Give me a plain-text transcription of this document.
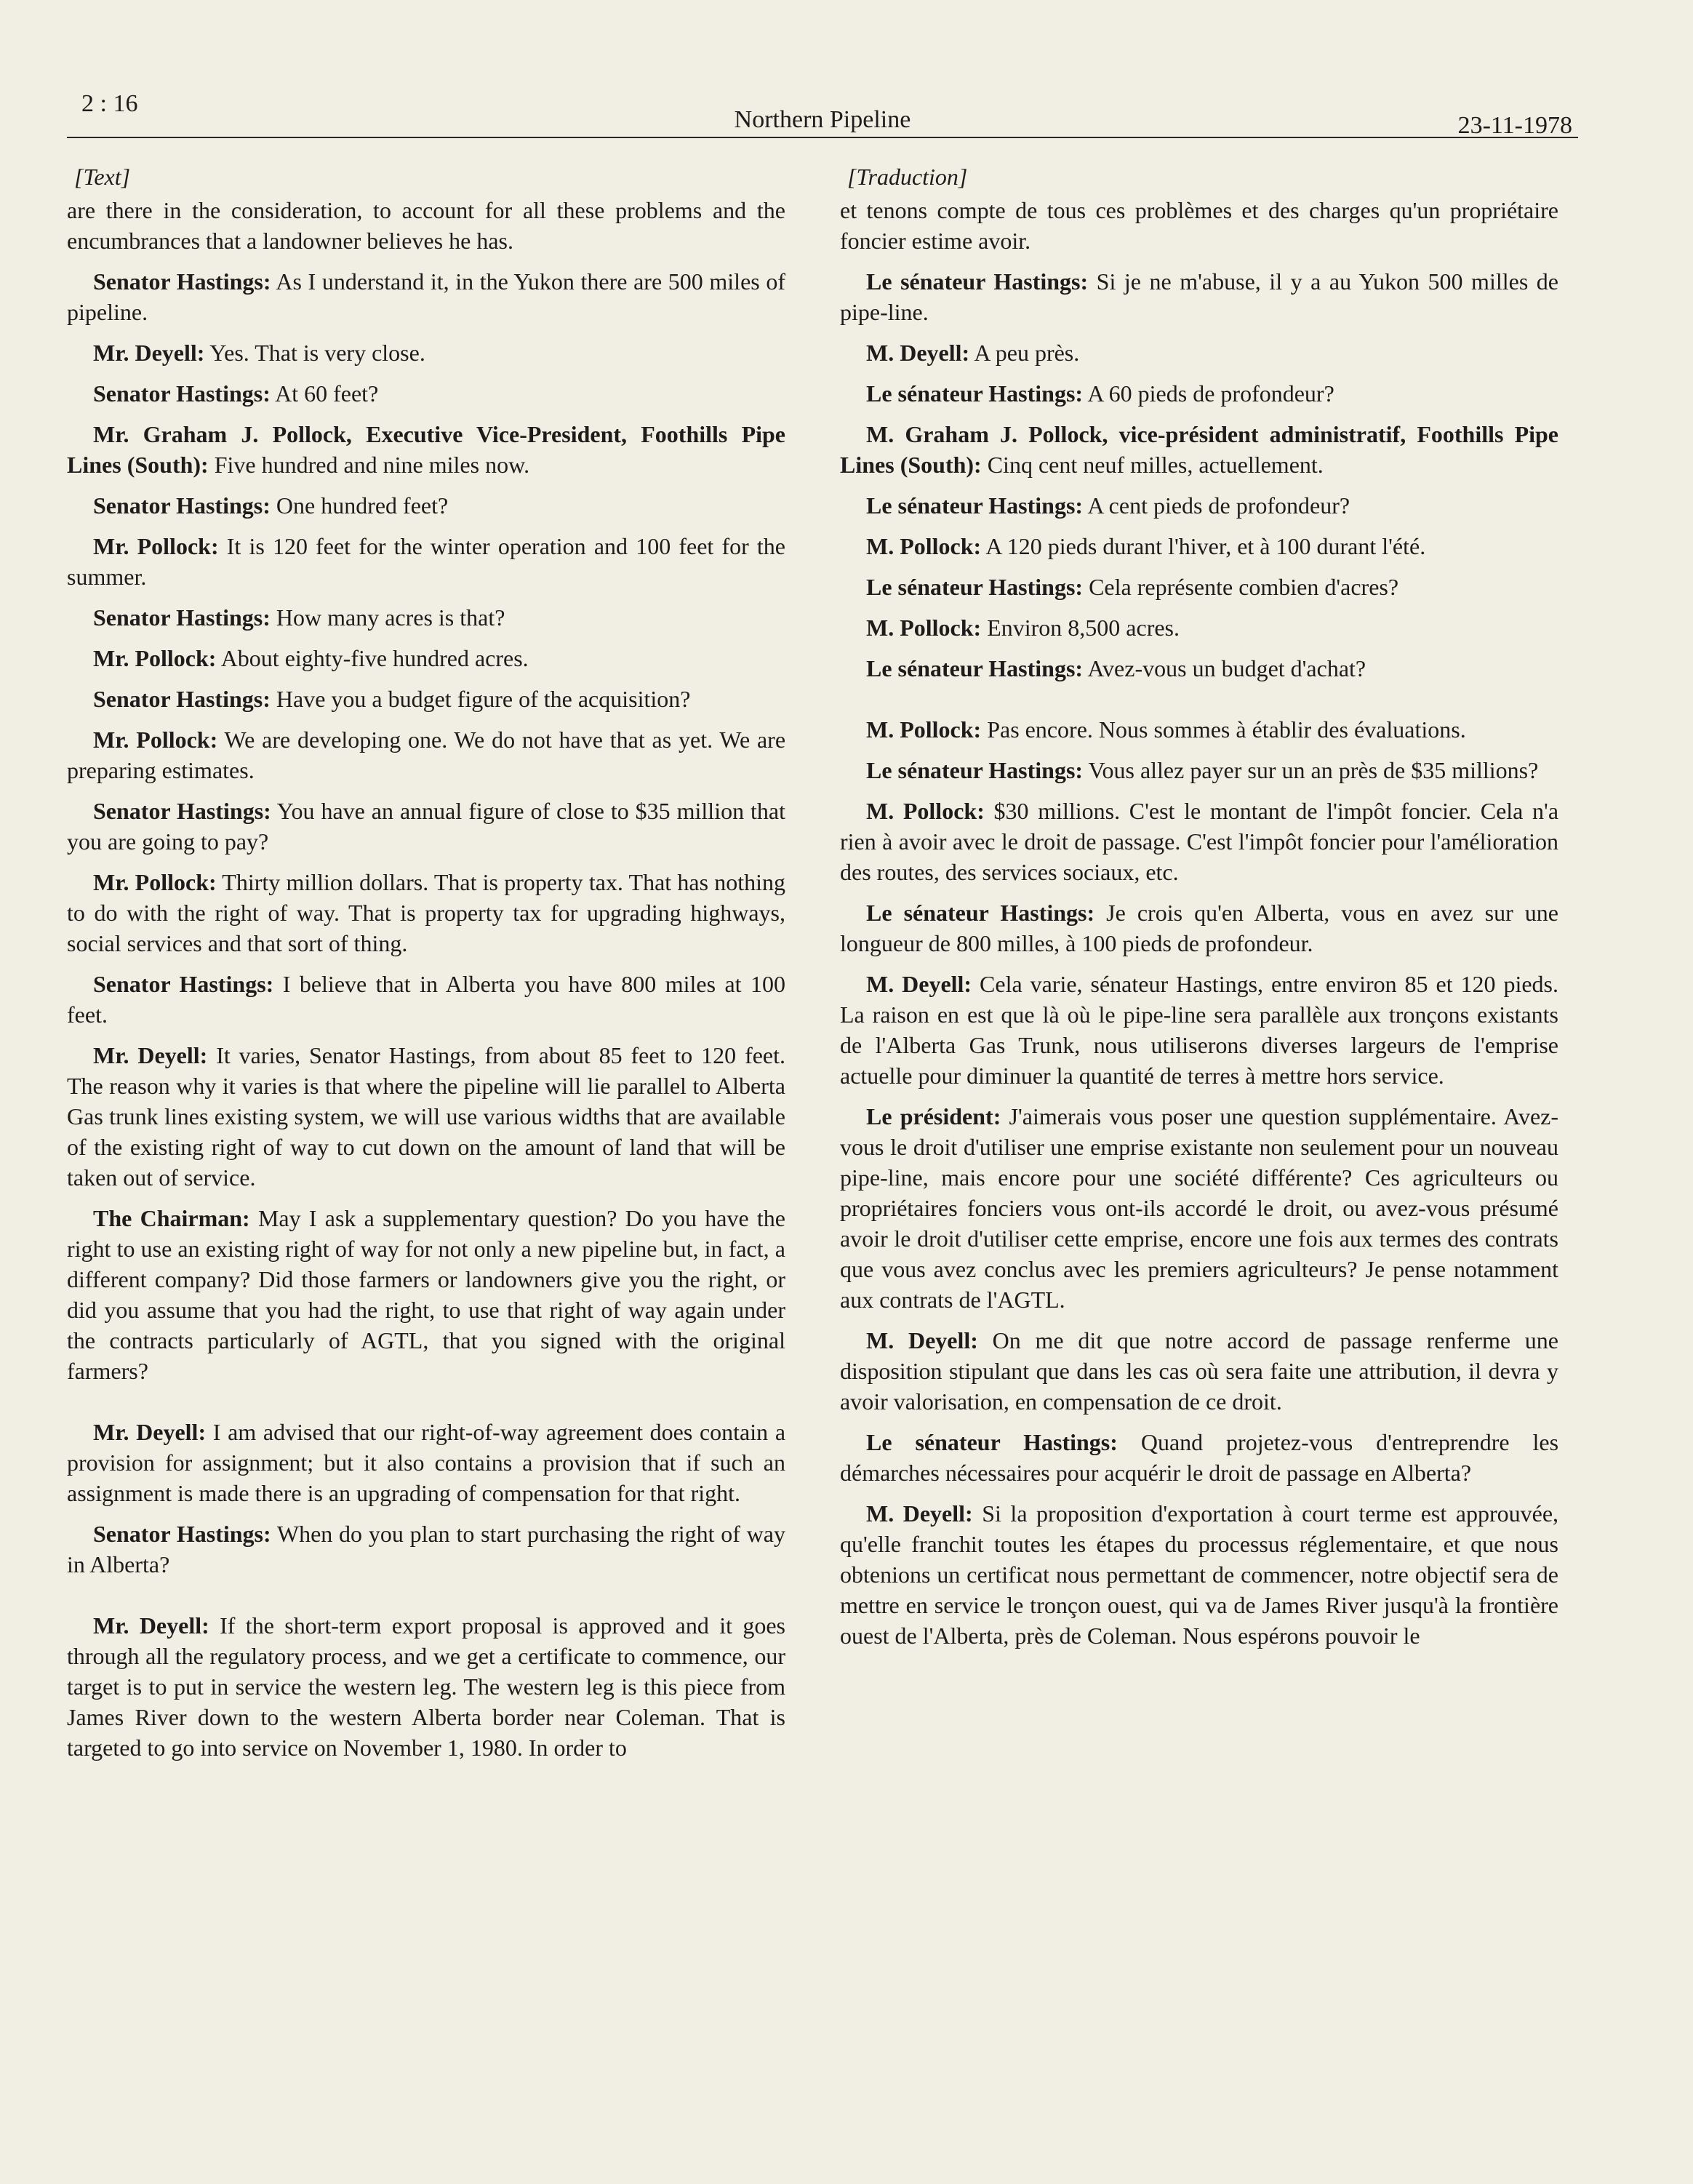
2 : 16
Northern Pipeline	23-11-1978
[Text]

are there in the consideration, to account for all these problems and the encumbrances that a landowner believes he has.

Senator Hastings: As I understand it, in the Yukon there are 500 miles of pipeline.

Mr. Deyell: Yes. That is very close.

Senator Hastings: At 60 feet?

Mr. Graham J. Pollock, Executive Vice-President, Foothills Pipe Lines (South): Five hundred and nine miles now.

Senator Hastings: One hundred feet?

Mr. Pollock: It is 120 feet for the winter operation and 100 feet for the summer.

Senator Hastings: How many acres is that?

Mr. Pollock: About eighty-five hundred acres.

Senator Hastings: Have you a budget figure of the acquisition?

Mr. Pollock: We are developing one. We do not have that as yet. We are preparing estimates.

Senator Hastings: You have an annual figure of close to $35 million that you are going to pay?

Mr. Pollock: Thirty million dollars. That is property tax. That has nothing to do with the right of way. That is property tax for upgrading highways, social services and that sort of thing.

Senator Hastings: I believe that in Alberta you have 800 miles at 100 feet.

Mr. Deyell: It varies, Senator Hastings, from about 85 feet to 120 feet. The reason why it varies is that where the pipeline will lie parallel to Alberta Gas trunk lines existing system, we will use various widths that are available of the existing right of way to cut down on the amount of land that will be taken out of service.

The Chairman: May I ask a supplementary question? Do you have the right to use an existing right of way for not only a new pipeline but, in fact, a different company? Did those farmers or landowners give you the right, or did you assume that you had the right, to use that right of way again under the contracts particularly of AGTL, that you signed with the original farmers?

Mr. Deyell: I am advised that our right-of-way agreement does contain a provision for assignment; but it also contains a provision that if such an assignment is made there is an upgrading of compensation for that right.

Senator Hastings: When do you plan to start purchasing the right of way in Alberta?

Mr. Deyell: If the short-term export proposal is approved and it goes through all the regulatory process, and we get a certificate to commence, our target is to put in service the western leg. The western leg is this piece from James River down to the western Alberta border near Coleman. That is targeted to go into service on November 1, 1980. In order to

[Traduction]

et tenons compte de tous ces problèmes et des charges qu'un propriétaire foncier estime avoir.

Le sénateur Hastings: Si je ne m'abuse, il y a au Yukon 500 milles de pipe-line.

M. Deyell: A peu près.

Le sénateur Hastings: A 60 pieds de profondeur?

M. Graham J. Pollock, vice-président administratif, Foothills Pipe Lines (South): Cinq cent neuf milles, actuellement.

Le sénateur Hastings: A cent pieds de profondeur?

M. Pollock: A 120 pieds durant l'hiver, et à 100 durant l'été.

Le sénateur Hastings: Cela représente combien d'acres?

M. Pollock: Environ 8,500 acres.

Le sénateur Hastings: Avez-vous un budget d'achat?

M. Pollock: Pas encore. Nous sommes à établir des évaluations.

Le sénateur Hastings: Vous allez payer sur un an près de $35 millions?

M. Pollock: $30 millions. C'est le montant de l'impôt foncier. Cela n'a rien à avoir avec le droit de passage. C'est l'impôt foncier pour l'amélioration des routes, des services sociaux, etc.

Le sénateur Hastings: Je crois qu'en Alberta, vous en avez sur une longueur de 800 milles, à 100 pieds de profondeur.

M. Deyell: Cela varie, sénateur Hastings, entre environ 85 et 120 pieds. La raison en est que là où le pipe-line sera parallèle aux tronçons existants de l'Alberta Gas Trunk, nous utiliserons diverses largeurs de l'emprise actuelle pour diminuer la quantité de terres à mettre hors service.

Le président: J'aimerais vous poser une question supplémentaire. Avez-vous le droit d'utiliser une emprise existante non seulement pour un nouveau pipe-line, mais encore pour une société différente? Ces agriculteurs ou propriétaires fonciers vous ont-ils accordé le droit, ou avez-vous présumé avoir le droit d'utiliser cette emprise, encore une fois aux termes des contrats que vous avez conclus avec les premiers agriculteurs? Je pense notamment aux contrats de l'AGTL.

M. Deyell: On me dit que notre accord de passage renferme une disposition stipulant que dans les cas où sera faite une attribution, il devra y avoir valorisation, en compensation de ce droit.

Le sénateur Hastings: Quand projetez-vous d'entreprendre les démarches nécessaires pour acquérir le droit de passage en Alberta?

M. Deyell: Si la proposition d'exportation à court terme est approuvée, qu'elle franchit toutes les étapes du processus réglementaire, et que nous obtenions un certificat nous permettant de commencer, notre objectif sera de mettre en service le tronçon ouest, qui va de James River jusqu'à la frontière ouest de l'Alberta, près de Coleman. Nous espérons pouvoir le
